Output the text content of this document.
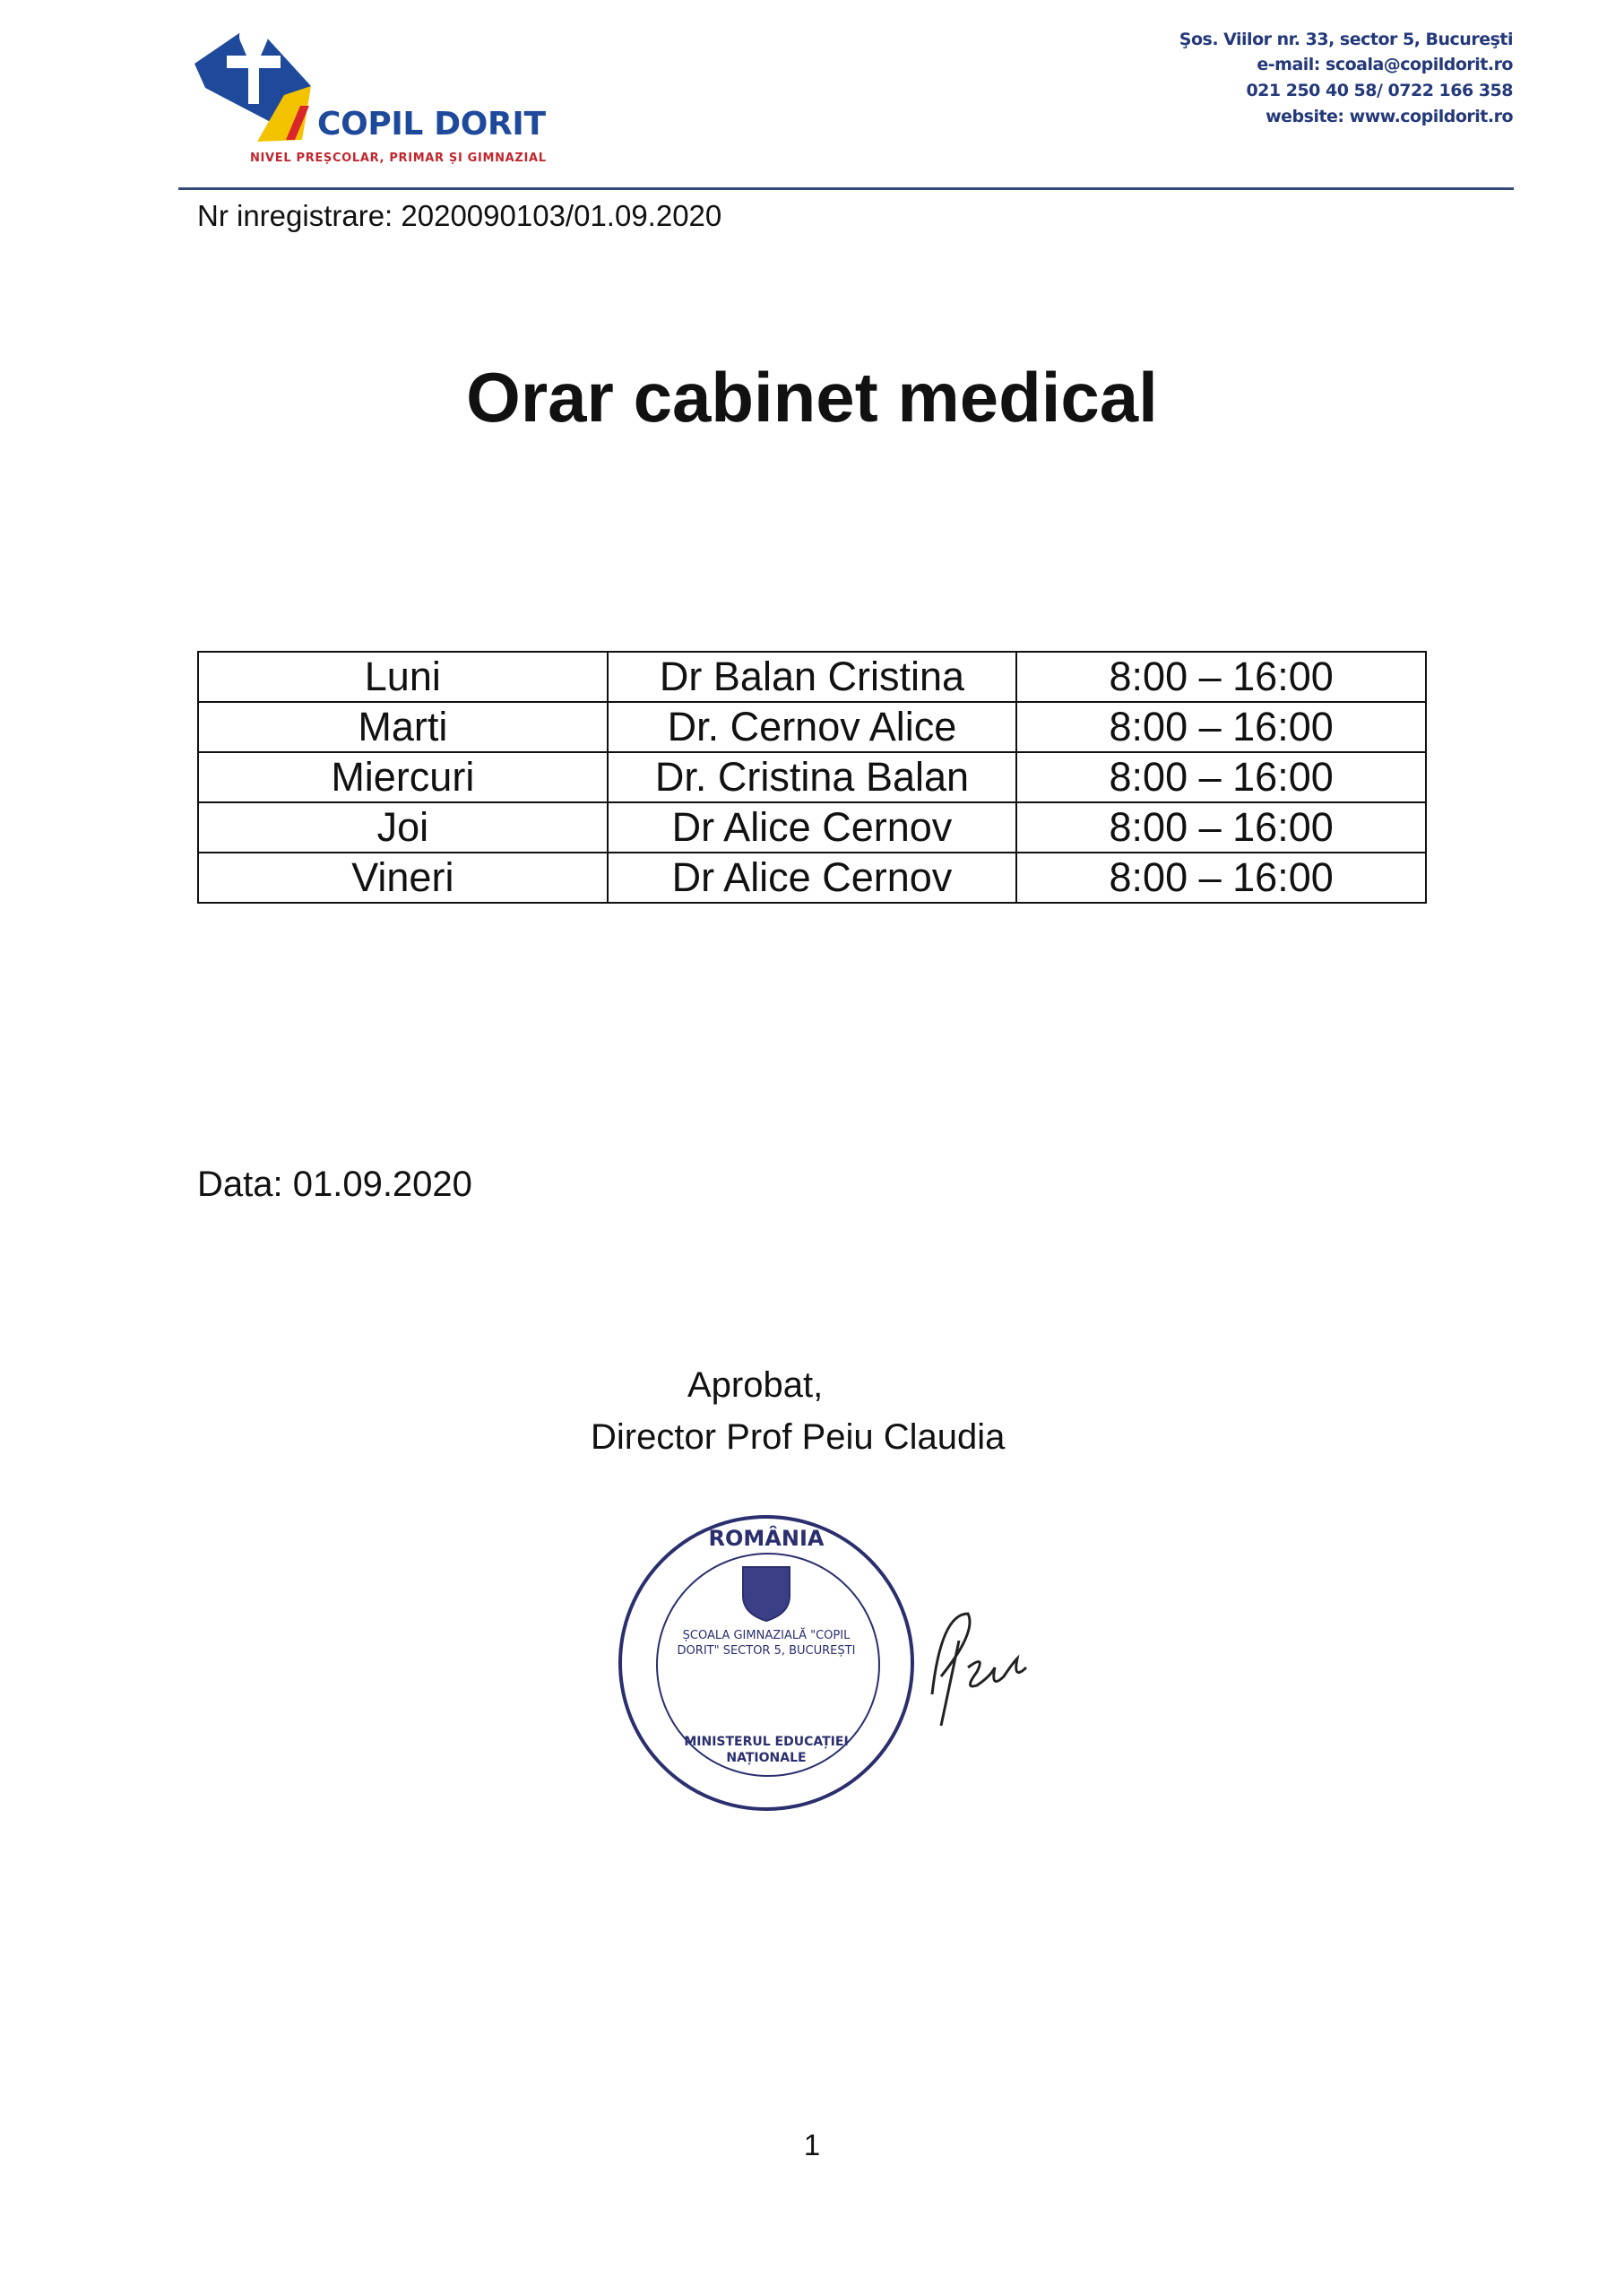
COPIL DORIT
NIVEL PREȘCOLAR, PRIMAR ȘI GIMNAZIAL
Şos. Viilor nr. 33, sector 5, Bucureşti
e-mail: scoala@copildorit.ro
021 250 40 58/ 0722 166 358
website: www.copildorit.ro
Nr inregistrare: 2020090103/01.09.2020
Orar cabinet medical
Luni	Dr Balan Cristina	8:00 – 16:00
Marti	Dr. Cernov Alice	8:00 – 16:00
Miercuri	Dr. Cristina Balan	8:00 – 16:00
Joi	Dr Alice Cernov	8:00 – 16:00
Vineri	Dr Alice Cernov	8:00 – 16:00
Data: 01.09.2020
Aprobat,
Director Prof Peiu Claudia
ROMÂNIA
ȘCOALA GIMNAZIALĂ "COPIL DORIT" SECTOR 5, BUCUREȘTI
MINISTERUL EDUCAȚIEI NAȚIONALE
1
